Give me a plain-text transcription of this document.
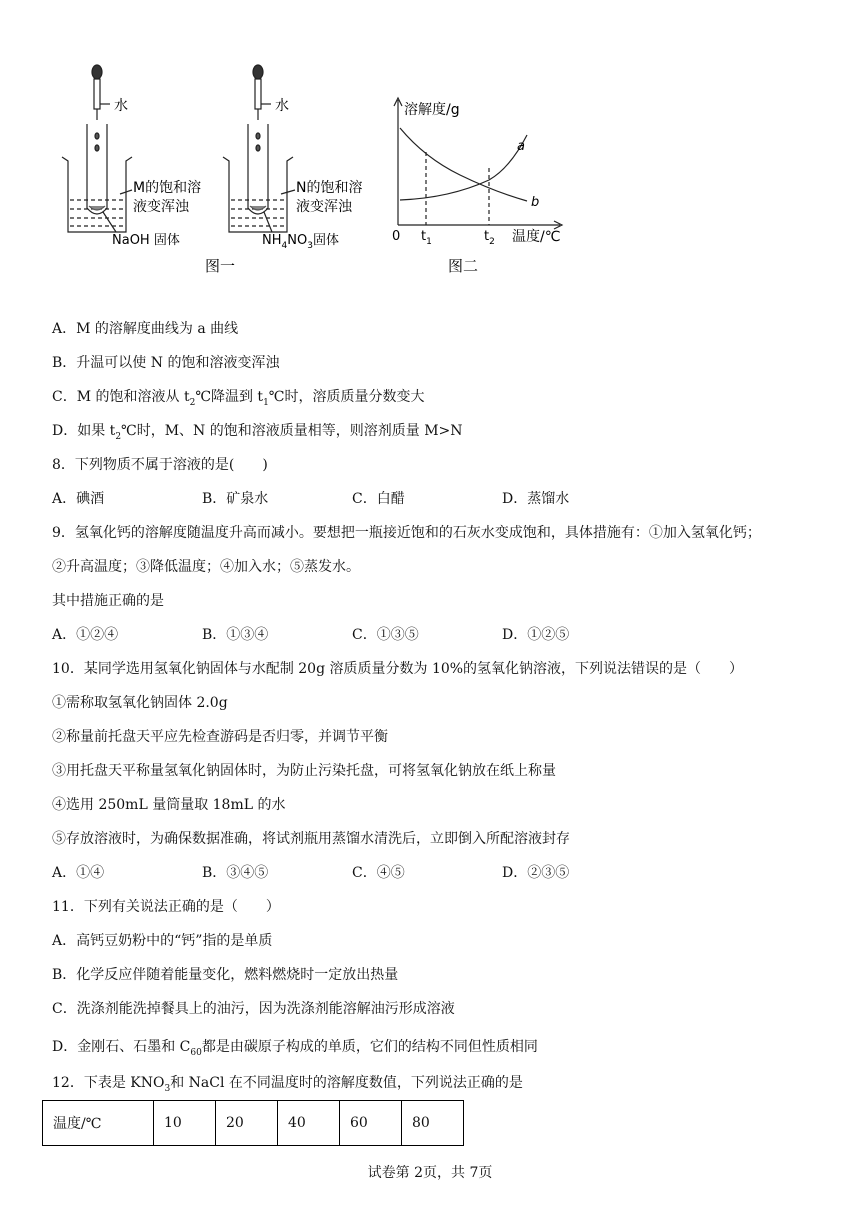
水	水
M的饱和溶
液变浑浊
N的饱和溶
液变浑浊
NaOH 固体	$NH_4NO_3$固体
图一
溶解度/g
a
b
0 $t_1$	$t_2$ 温度/℃
图二
A．M 的溶解度曲线为 a 曲线
B．升温可以使 N 的饱和溶液变浑浊
C．M 的饱和溶液从 $t_2℃$降温到 $t_1℃$时，溶质质量分数变大
D．如果 $t_2℃$时，M、N 的饱和溶液质量相等，则溶剂质量 M>N
8．下列物质不属于溶液的是(　　)
A．碘酒	B．矿泉水	C．白醋	D．蒸馏水
9．氢氧化钙的溶解度随温度升高而减小。要想把一瓶接近饱和的石灰水变成饱和，具体措施有：①加入氢氧化钙；
②升高温度；③降低温度；④加入水；⑤蒸发水。
其中措施正确的是
A．①②④	B．①③④	C．①③⑤	D．①②⑤
10．某同学选用氢氧化钠固体与水配制 20g 溶质质量分数为 10%的氢氧化钠溶液，下列说法错误的是（　　）
①需称取氢氧化钠固体 2.0g
②称量前托盘天平应先检查游码是否归零，并调节平衡
③用托盘天平称量氢氧化钠固体时，为防止污染托盘，可将氢氧化钠放在纸上称量
④选用 250mL 量筒量取 18mL 的水
⑤存放溶液时，为确保数据准确，将试剂瓶用蒸馏水清洗后，立即倒入所配溶液封存
A．①④	B．③④⑤	C．④⑤	D．②③⑤
11．下列有关说法正确的是（　　）
A．高钙豆奶粉中的“钙”指的是单质
B．化学反应伴随着能量变化，燃料燃烧时一定放出热量
C．洗涤剂能洗掉餐具上的油污，因为洗涤剂能溶解油污形成溶液
D．金刚石、石墨和 $C_{60}$都是由碳原子构成的单质，它们的结构不同但性质相同
12．下表是 $KNO_3$和 NaCl 在不同温度时的溶解度数值，下列说法正确的是
温度/℃	10	20	40	60	80
试卷第 2页，共 7页
